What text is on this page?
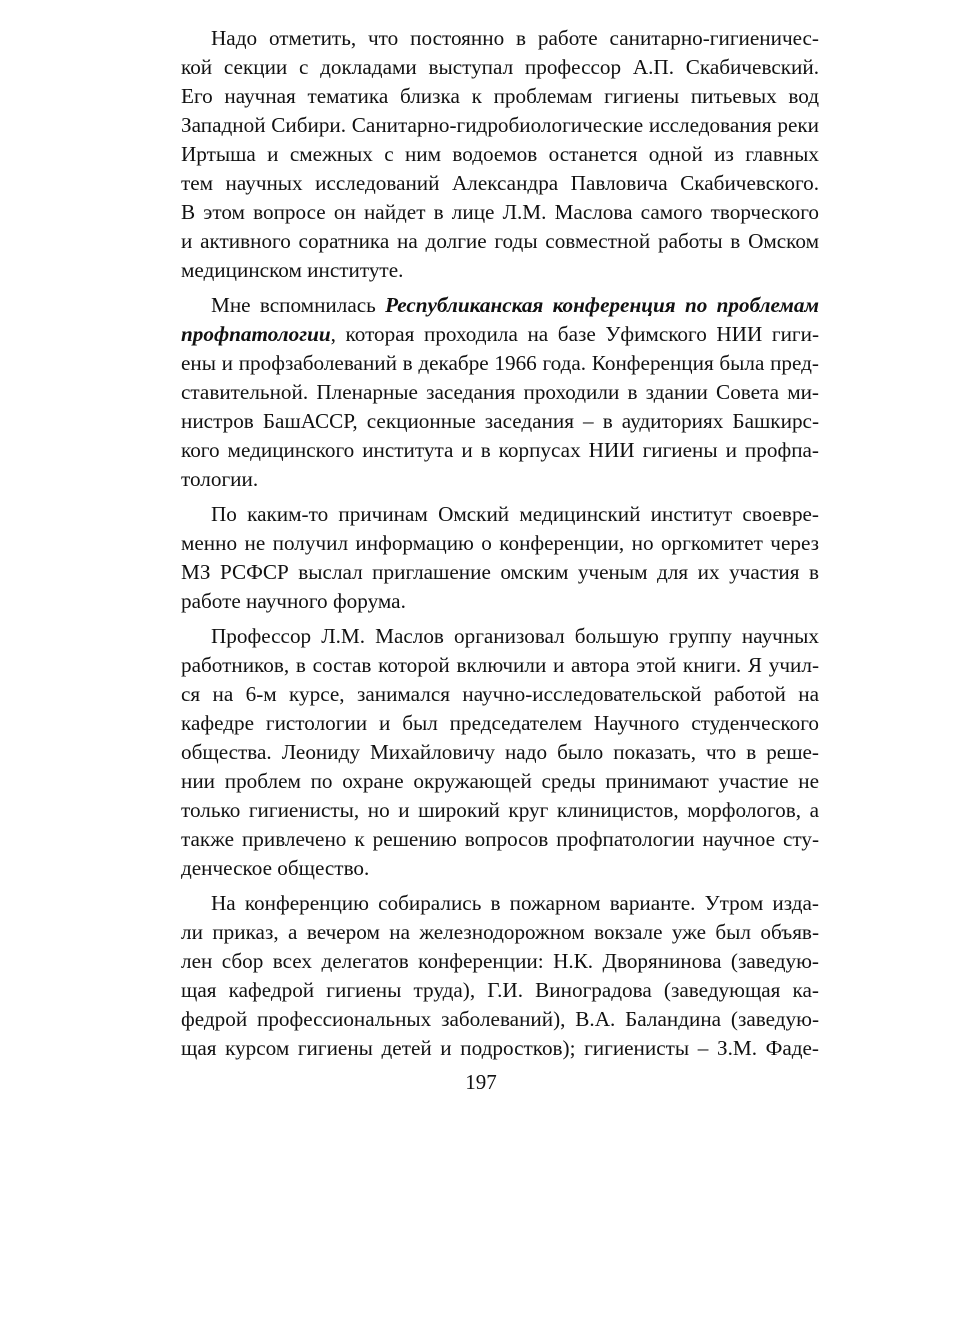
Надо отметить, что постоянно в работе санитарно-гигиеничес-
кой секции с докладами выступал профессор А.П. Скабичевский.
Его научная тематика близка к проблемам гигиены питьевых вод
Западной Сибири. Санитарно-гидробиологические исследования реки
Иртыша и смежных с ним водоемов останется одной из главных
тем научных исследований Александра Павловича Скабичевского.
В этом вопросе он найдет в лице Л.М. Маслова самого творческого
и активного соратника на долгие годы совместной работы в Омском
медицинском институте.
Мне вспомнилась Республиканская конференция по проблемам
профпатологии, которая проходила на базе Уфимского НИИ гиги-
ены и профзаболеваний в декабре 1966 года. Конференция была пред-
ставительной. Пленарные заседания проходили в здании Совета ми-
нистров БашАССР, секционные заседания – в аудиториях Башкирс-
кого медицинского института и в корпусах НИИ гигиены и профпа-
тологии.
По каким-то причинам Омский медицинский институт своевре-
менно не получил информацию о конференции, но оргкомитет через
МЗ РСФСР выслал приглашение омским ученым для их участия в
работе научного форума.
Профессор Л.М. Маслов организовал большую группу научных
работников, в состав которой включили и автора этой книги. Я учил-
ся на 6-м курсе, занимался научно-исследовательской работой на
кафедре гистологии и был председателем Научного студенческого
общества. Леониду Михайловичу надо было показать, что в реше-
нии проблем по охране окружающей среды принимают участие не
только гигиенисты, но и широкий круг клиницистов, морфологов, а
также привлечено к решению вопросов профпатологии научное сту-
денческое общество.
На конференцию собирались в пожарном варианте. Утром изда-
ли приказ, а вечером на железнодорожном вокзале уже был объяв-
лен сбор всех делегатов конференции: Н.К. Дворянинова (заведую-
щая кафедрой гигиены труда), Г.И. Виноградова (заведующая ка-
федрой профессиональных заболеваний), В.А. Баландина (заведую-
щая курсом гигиены детей и подростков); гигиенисты – З.М. Фаде-
197
